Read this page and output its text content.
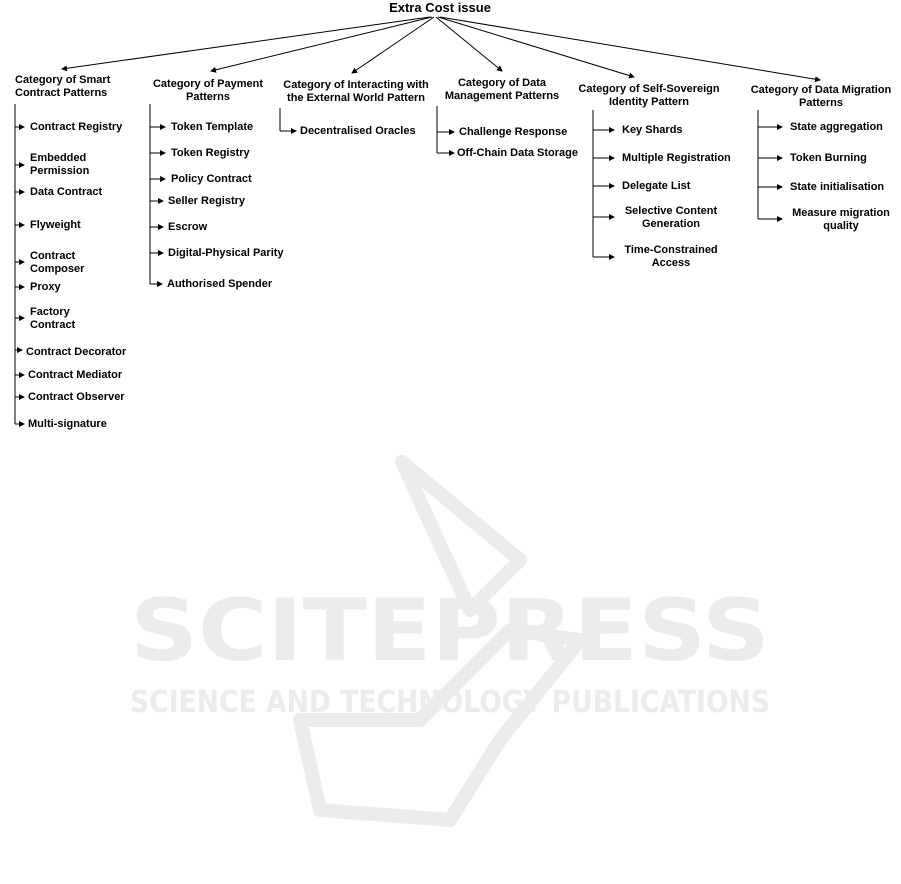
SCITEPRESS
SCIENCE AND TECHNOLOGY PUBLICATIONS
Extra Cost issue
Category of Smart
Contract Patterns
Category of Payment
Patterns
Category of Interacting with
the External World Pattern
Category of Data
Management Patterns
Category of Self-Sovereign
Identity Pattern
Category of Data Migration
Patterns
Contract Registry
Embedded
Permission
Data Contract
Flyweight
Contract
Composer
Proxy
Factory
Contract
Contract Decorator
Contract Mediator
Contract Observer
Multi-signature
Token Template
Token Registry
Policy Contract
Seller Registry
Escrow
Digital-Physical Parity
Authorised Spender
Decentralised Oracles	Challenge Response
Off-Chain Data Storage
Key Shards
Multiple Registration
Delegate List
Selective Content
Generation
Time-Constrained
Access
State aggregation
Token Burning
State initialisation
Measure migration
quality
